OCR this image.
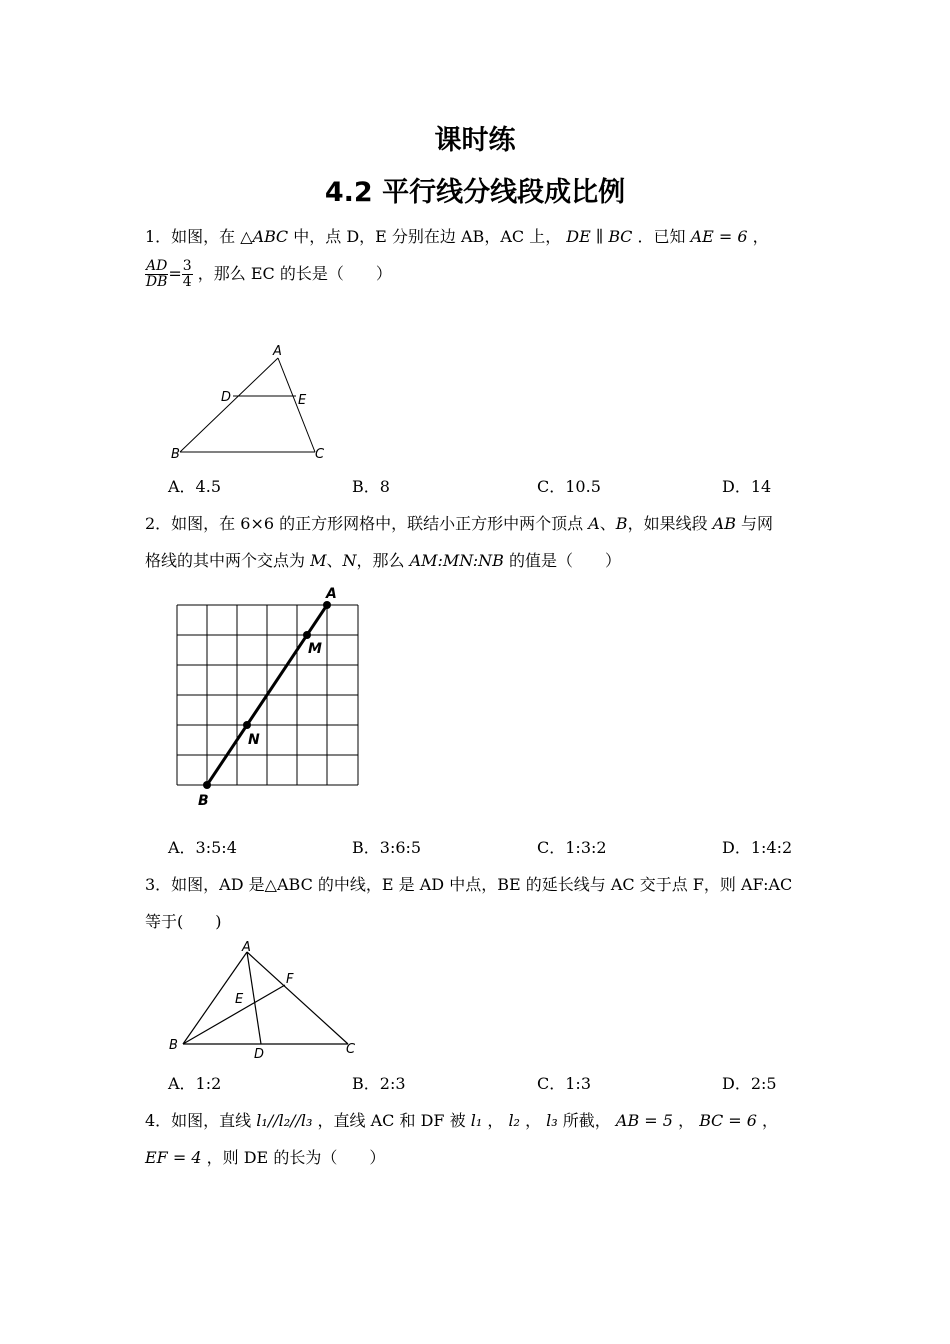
课时练
4.2 平行线分线段成比例
1．如图，在 △𝐴𝐵𝐶 中，点 D，E 分别在边 AB，AC 上， 𝐷𝐸 ∥ 𝐵𝐶 ．已知 𝐴𝐸 = 6 ，
$\frac{AD}{DB} = \frac{3}{4}$ ，那么 EC 的长是（　　）
A
D	E
B	C
A．4.5	B．8	C．10.5	D．14
2．如图，在 6×6 的正方形网格中，联结小正方形中两个顶点 A、B，如果线段 AB 与网
格线的其中两个交点为 M、N，那么 AM:MN:NB 的值是（　　）
A
M
N
B
A．3:5:4	B．3:6:5	C．1:3:2	D．1:4:2
3．如图，AD 是△ABC 的中线，E 是 AD 中点，BE 的延长线与 AC 交于点 F，则 AF:AC
等于(　　)
A
E
F
B
D	C
A．1:2	B．2:3	C．1:3	D．2:5
4．如图，直线 𝑙₁//𝑙₂//𝑙₃ ，直线 AC 和 DF 被 𝑙₁ ， 𝑙₂ ， 𝑙₃ 所截， 𝐴𝐵 = 5 ， 𝐵𝐶 = 6 ，
𝐸𝐹 = 4 ，则 DE 的长为（　　）
